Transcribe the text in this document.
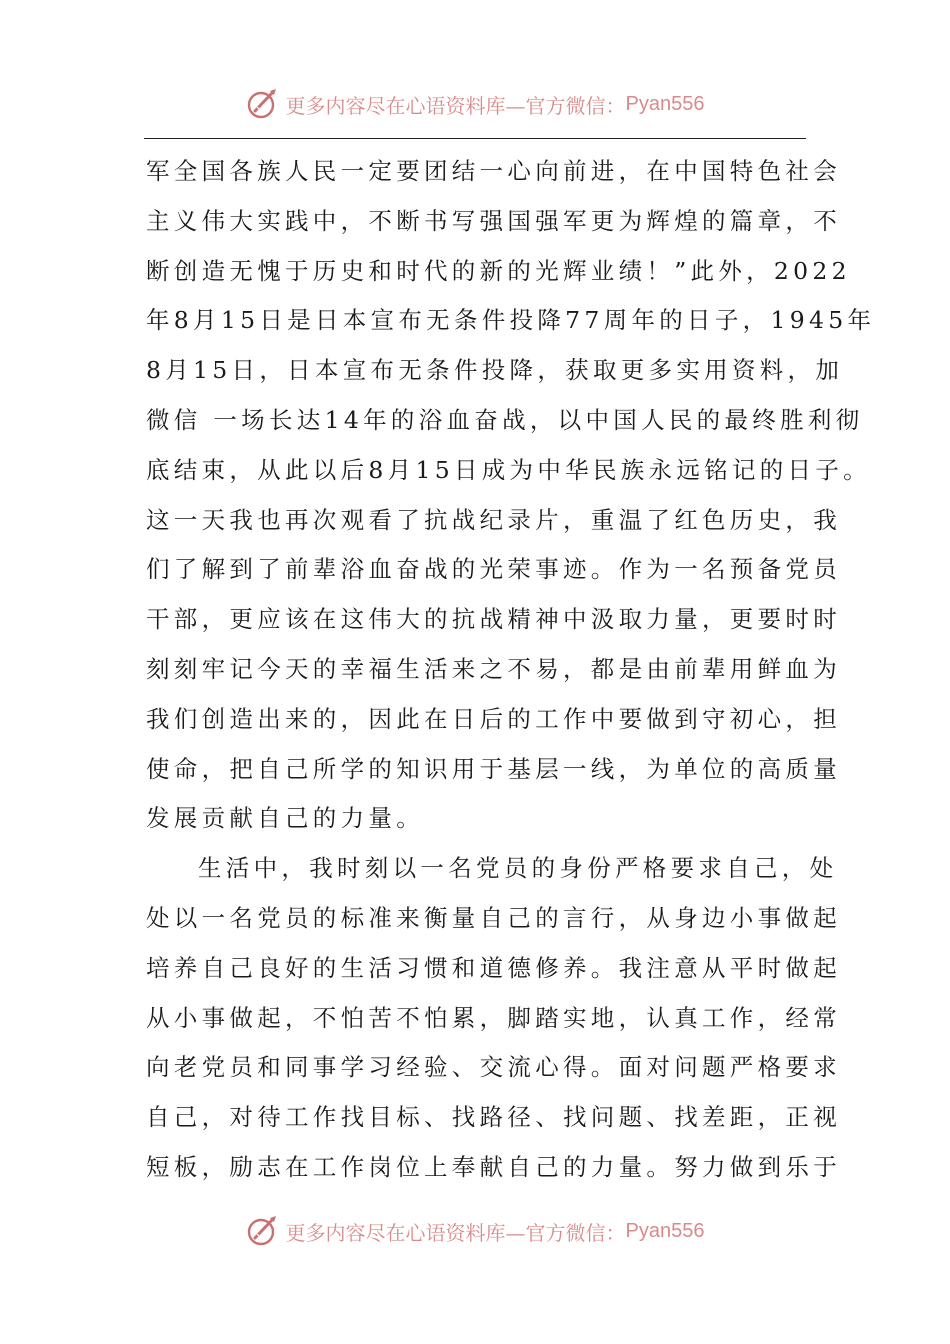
更多内容尽在心语资料库—官方微信： Pyan556
军全国各族人民一定要团结一心向前进，在中国特色社会
主义伟大实践中，不断书写强国强军更为辉煌的篇章，不
断创造无愧于历史和时代的新的光辉业绩！”此外，2022
年8月15日是日本宣布无条件投降77周年的日子，1945年
8月15日，日本宣布无条件投降，获取更多实用资料，加
微信 一场长达14年的浴血奋战，以中国人民的最终胜利彻
底结束，从此以后8月15日成为中华民族永远铭记的日子。
这一天我也再次观看了抗战纪录片，重温了红色历史，我
们了解到了前辈浴血奋战的光荣事迹。作为一名预备党员
干部，更应该在这伟大的抗战精神中汲取力量，更要时时
刻刻牢记今天的幸福生活来之不易，都是由前辈用鲜血为
我们创造出来的，因此在日后的工作中要做到守初心，担
使命，把自己所学的知识用于基层一线，为单位的高质量
发展贡献自己的力量。
生活中，我时刻以一名党员的身份严格要求自己，处
处以一名党员的标准来衡量自己的言行，从身边小事做起
培养自己良好的生活习惯和道德修养。我注意从平时做起
从小事做起，不怕苦不怕累，脚踏实地，认真工作，经常
向老党员和同事学习经验、交流心得。面对问题严格要求
自己，对待工作找目标、找路径、找问题、找差距，正视
短板，励志在工作岗位上奉献自己的力量。努力做到乐于
更多内容尽在心语资料库—官方微信： Pyan556
